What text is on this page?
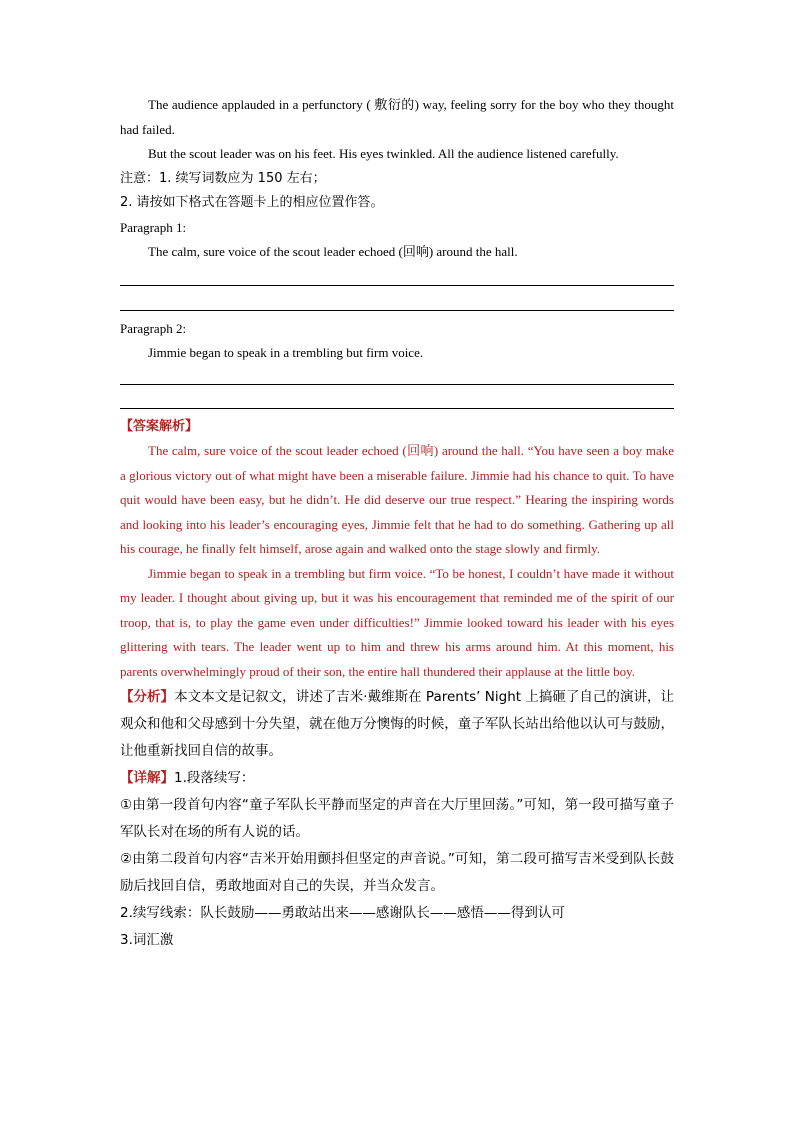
The audience applauded in a perfunctory ( 敷衍的) way, feeling sorry for the boy who they thought had failed.

But the scout leader was on his feet. His eyes twinkled. All the audience listened carefully.

注意：1. 续写词数应为 150 左右；

2. 请按如下格式在答题卡上的相应位置作答。

Paragraph 1:

The calm, sure voice of the scout leader echoed (回响) around the hall.

Paragraph 2:

Jimmie began to speak in a trembling but firm voice.

【答案解析】

The calm, sure voice of the scout leader echoed (回响) around the hall. “You have seen a boy make a glorious victory out of what might have been a miserable failure. Jimmie had his chance to quit. To have quit would have been easy, but he didn’t. He did deserve our true respect.” Hearing the inspiring words and looking into his leader’s encouraging eyes, Jimmie felt that he had to do something. Gathering up all his courage, he finally felt himself, arose again and walked onto the stage slowly and firmly.

Jimmie began to speak in a trembling but firm voice. “To be honest, I couldn’t have made it without my leader. I thought about giving up, but it was his encouragement that reminded me of the spirit of our troop, that is, to play the game even under difficulties!” Jimmie looked toward his leader with his eyes glittering with tears. The leader went up to him and threw his arms around him. At this moment, his parents overwhelmingly proud of their son, the entire hall thundered their applause at the little boy.

【分析】本文本文是记叙文，讲述了吉米·戴维斯在 Parents’ Night 上搞砸了自己的演讲，让观众和他和父母感到十分失望，就在他万分懊悔的时候，童子军队长站出给他以认可与鼓励，让他重新找回自信的故事。

【详解】1.段落续写：

①由第一段首句内容“童子军队长平静而坚定的声音在大厅里回荡。”可知，第一段可描写童子军队长对在场的所有人说的话。

②由第二段首句内容“吉米开始用颤抖但坚定的声音说。”可知，第二段可描写吉米受到队长鼓励后找回自信，勇敢地面对自己的失误，并当众发言。

2.续写线索：队长鼓励——勇敢站出来——感谢队长——感悟——得到认可

3.词汇激
